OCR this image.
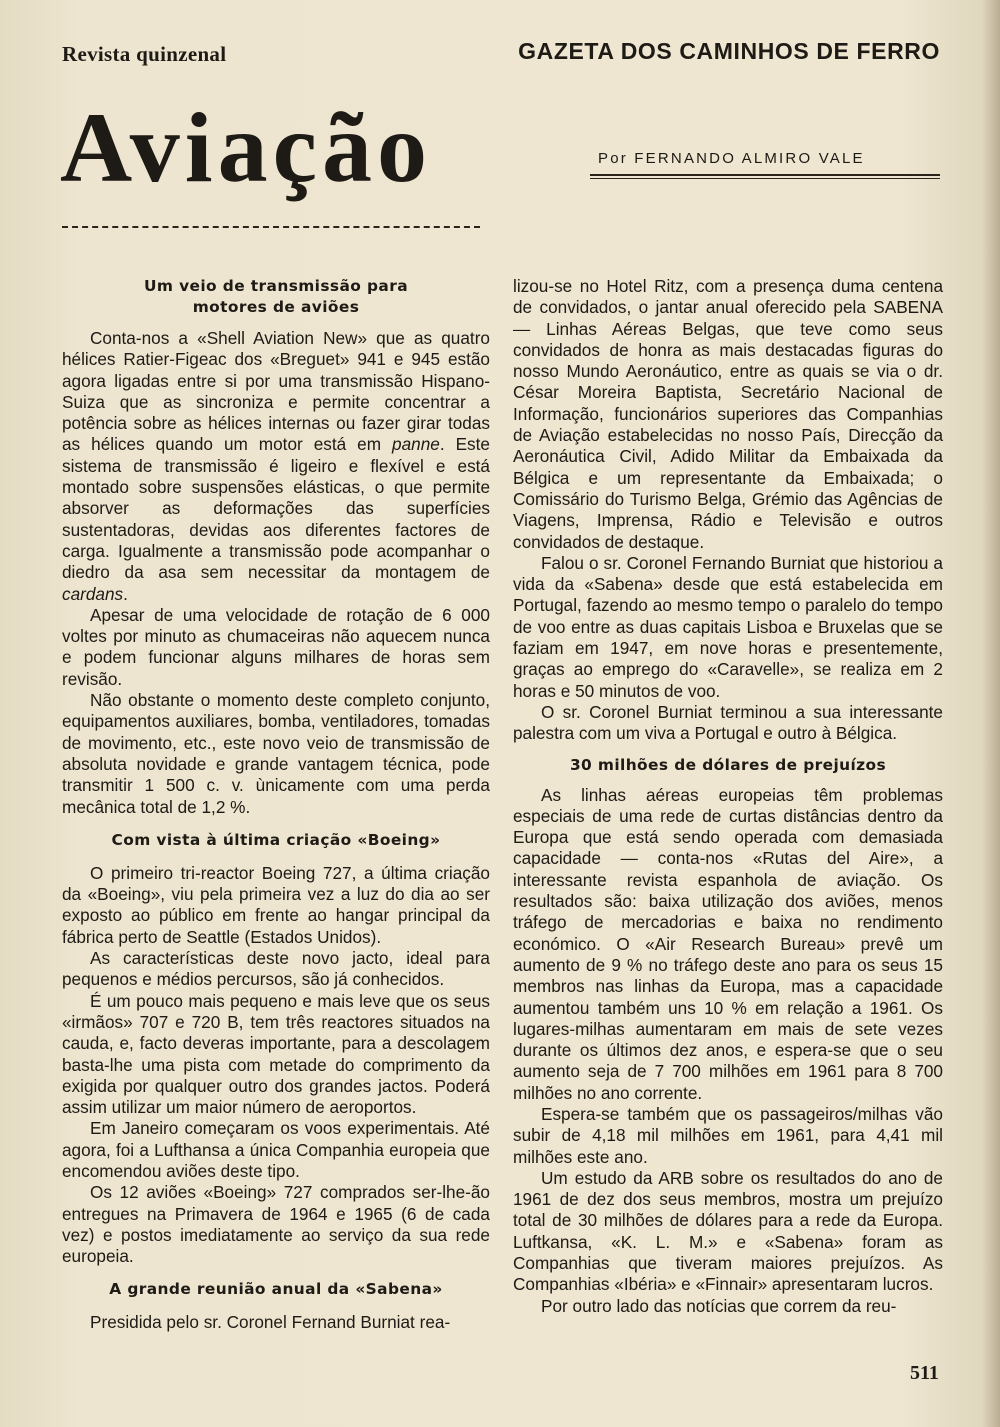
Revista quinzenal	GAZETA DOS CAMINHOS DE FERRO
Aviação	Por FERNANDO ALMIRO VALE
Um veio de transmissão para
motores de aviões

Conta-nos a «Shell Aviation New» que as quatro hélices Ratier-Figeac dos «Breguet» 941 e 945 estão agora ligadas entre si por uma transmissão Hispano-Suiza que as sincroniza e permite concentrar a potência sobre as hélices internas ou fazer girar todas as hélices quando um motor está em panne. Este sistema de transmissão é ligeiro e flexível e está montado sobre suspensões elásticas, o que permite absorver as deformações das superfícies sustentadoras, devidas aos diferentes factores de carga. Igualmente a transmissão pode acompanhar o diedro da asa sem necessitar da montagem de cardans.

Apesar de uma velocidade de rotação de 6 000 voltes por minuto as chumaceiras não aquecem nunca e podem funcionar alguns milhares de horas sem revisão.

Não obstante o momento deste completo conjunto, equipamentos auxiliares, bomba, ventiladores, tomadas de movimento, etc., este novo veio de transmissão de absoluta novidade e grande vantagem técnica, pode transmitir 1 500 c. v. ùnicamente com uma perda mecânica total de 1,2 %.

Com vista à última criação «Boeing»

O primeiro tri-reactor Boeing 727, a última criação da «Boeing», viu pela primeira vez a luz do dia ao ser exposto ao público em frente ao hangar principal da fábrica perto de Seattle (Estados Unidos).

As características deste novo jacto, ideal para pequenos e médios percursos, são já conhecidos.

É um pouco mais pequeno e mais leve que os seus «irmãos» 707 e 720 B, tem três reactores situados na cauda, e, facto deveras importante, para a descolagem basta-lhe uma pista com metade do comprimento da exigida por qualquer outro dos grandes jactos. Poderá assim utilizar um maior número de aeroportos.

Em Janeiro começaram os voos experimentais. Até agora, foi a Lufthansa a única Companhia europeia que encomendou aviões deste tipo.

Os 12 aviões «Boeing» 727 comprados ser-lhe-ão entregues na Primavera de 1964 e 1965 (6 de cada vez) e postos imediatamente ao serviço da sua rede europeia.

A grande reunião anual da «Sabena»

Presidida pelo sr. Coronel Fernand Burniat rea-

lizou-se no Hotel Ritz, com a presença duma centena de convidados, o jantar anual oferecido pela SABENA — Linhas Aéreas Belgas, que teve como seus convidados de honra as mais destacadas figuras do nosso Mundo Aeronáutico, entre as quais se via o dr. César Moreira Baptista, Secretário Nacional de Informação, funcionários superiores das Companhias de Aviação estabelecidas no nosso País, Direcção da Aeronáutica Civil, Adido Militar da Embaixada da Bélgica e um representante da Embaixada; o Comissário do Turismo Belga, Grémio das Agências de Viagens, Imprensa, Rádio e Televisão e outros convidados de destaque.

Falou o sr. Coronel Fernando Burniat que historiou a vida da «Sabena» desde que está estabelecida em Portugal, fazendo ao mesmo tempo o paralelo do tempo de voo entre as duas capitais Lisboa e Bruxelas que se faziam em 1947, em nove horas e presentemente, graças ao emprego do «Caravelle», se realiza em 2 horas e 50 minutos de voo.

O sr. Coronel Burniat terminou a sua interessante palestra com um viva a Portugal e outro à Bélgica.

30 milhões de dólares de prejuízos

As linhas aéreas europeias têm problemas especiais de uma rede de curtas distâncias dentro da Europa que está sendo operada com demasiada capacidade — conta-nos «Rutas del Aire», a interessante revista espanhola de aviação. Os resultados são: baixa utilização dos aviões, menos tráfego de mercadorias e baixa no rendimento económico. O «Air Research Bureau» prevê um aumento de 9 % no tráfego deste ano para os seus 15 membros nas linhas da Europa, mas a capacidade aumentou também uns 10 % em relação a 1961. Os lugares-milhas aumentaram em mais de sete vezes durante os últimos dez anos, e espera-se que o seu aumento seja de 7 700 milhões em 1961 para 8 700 milhões no ano corrente.

Espera-se também que os passageiros/milhas vão subir de 4,18 mil milhões em 1961, para 4,41 mil milhões este ano.

Um estudo da ARB sobre os resultados do ano de 1961 de dez dos seus membros, mostra um prejuízo total de 30 milhões de dólares para a rede da Europa. Luftkansa, «K. L. M.» e «Sabena» foram as Companhias que tiveram maiores prejuízos. As Companhias «Ibéria» e «Finnair» apresentaram lucros.

Por outro lado das notícias que correm da reu-

511
